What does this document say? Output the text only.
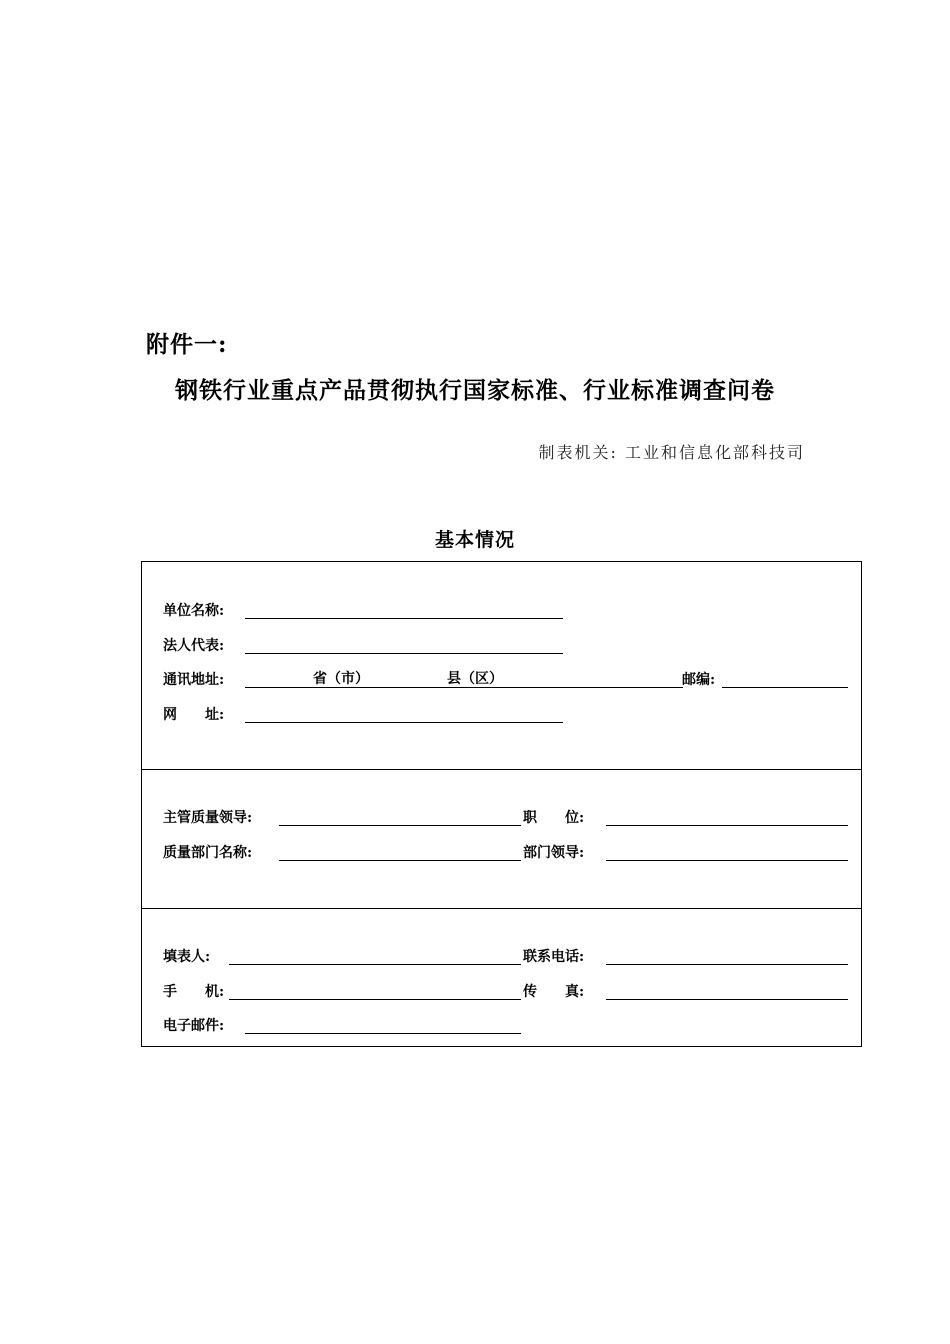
附件一:
钢铁行业重点产品贯彻执行国家标准、行业标准调查问卷
制表机关: 工业和信息化部科技司
基本情况
单位名称:
法人代表:
通讯地址:	省（市）	县（区）	邮编:
网　　址:
主管质量领导:	职　　位:
质量部门名称:	部门领导:
填表人:	联系电话:
手　　机:	传　　真:
电子邮件:
